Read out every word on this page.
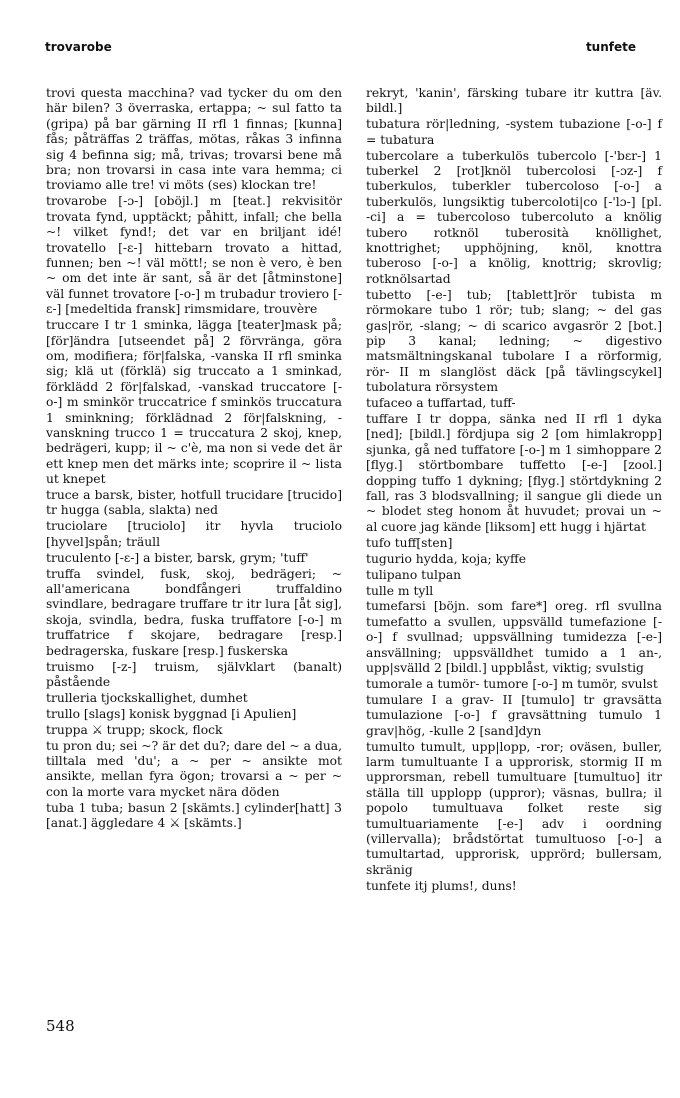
trovarobe	tunfete

trovi questa macchina? vad tycker du om den här bilen? 3 överraska, ertappa; ~ sul fatto ta (gripa) på bar gärning II rfl 1 finnas; [kunna] fås; påträffas 2 träffas, mötas, råkas 3 infinna sig 4 befinna sig; må, trivas; trovarsi bene må bra; non trovarsi in casa inte vara hemma; ci troviamo alle tre! vi möts (ses) klockan tre!

trovarobe [-ɔ-] [oböjl.] m [teat.] rekvisitör trovata fynd, upptäckt; påhitt, infall; che bella ~! vilket fynd!; det var en briljant idé! trovatello [-ɛ-] hittebarn trovato a hittad, funnen; ben ~! väl mött!; se non è vero, è ben ~ om det inte är sant, så är det [åtminstone] väl funnet trovatore [-o-] m trubadur troviero [-ɛ-] [medeltida fransk] rimsmidare, trouvère

truccare I tr 1 sminka, lägga [teater]mask på; [för]ändra [utseendet på] 2 förvränga, göra om, modifiera; för|falska, -vanska II rfl sminka sig; klä ut (förklä) sig truccato a 1 sminkad, förklädd 2 för|falskad, -vanskad truccatore [-o-] m sminkör truccatrice f sminkös truccatura 1 sminkning; förklädnad 2 för|falskning, -vanskning trucco 1 = truccatura 2 skoj, knep, bedrägeri, kupp; il ~ c'è, ma non si vede det är ett knep men det märks inte; scoprire il ~ lista ut knepet

truce a barsk, bister, hotfull trucidare [trucido] tr hugga (sabla, slakta) ned

truciolare [truciolo] itr hyvla truciolo [hyvel]spån; träull

truculento [-ɛ-] a bister, barsk, grym; 'tuff'

truffa svindel, fusk, skoj, bedrägeri; ~ all'americana bondfångeri truffaldino svindlare, bedragare truffare tr itr lura [åt sig], skoja, svindla, bedra, fuska truffatore [-o-] m truffatrice f skojare, bedragare [resp.] bedragerska, fuskare [resp.] fuskerska

truismo [-z-] truism, självklart (banalt) påstående

trulleria tjockskallighet, dumhet

trullo [slags] konisk byggnad [i Apulien]

truppa ⚔ trupp; skock, flock

tu pron du; sei ~? är det du?; dare del ~ a dua, tilltala med 'du'; a ~ per ~ ansikte mot ansikte, mellan fyra ögon; trovarsi a ~ per ~ con la morte vara mycket nära döden

tuba 1 tuba; basun 2 [skämts.] cylinder[hatt] 3 [anat.] äggledare 4 ⚔ [skämts.]

rekryt, 'kanin', färsking tubare itr kuttra [äv. bildl.]

tubatura rör|ledning, -system tubazione [-o-] f = tubatura

tubercolare a tuberkulös tubercolo [-'bɛr-] 1 tuberkel 2 [rot]knöl tubercolosi [-ɔz-] f tuberkulos, tuberkler tubercoloso [-o-] a tuberkulös, lungsiktig tubercoloti|co [-'lɔ-] [pl. -ci] a = tubercoloso tubercoluto a knölig tubero rotknöl tuberosità knöllighet, knottrighet; upphöjning, knöl, knottra tuberoso [-o-] a knölig, knottrig; skrovlig; rotknölsartad

tubetto [-e-] tub; [tablett]rör tubista m rörmokare tubo 1 rör; tub; slang; ~ del gas gas|rör, -slang; ~ di scarico avgasrör 2 [bot.] pip 3 kanal; ledning; ~ digestivo matsmältningskanal tubolare I a rörformig, rör- II m slanglöst däck [på tävlingscykel] tubolatura rörsystem

tufaceo a tuffartad, tuff-

tuffare I tr doppa, sänka ned II rfl 1 dyka [ned]; [bildl.] fördjupa sig 2 [om himlakropp] sjunka, gå ned tuffatore [-o-] m 1 simhoppare 2 [flyg.] störtbombare tuffetto [-e-] [zool.] dopping tuffo 1 dykning; [flyg.] störtdykning 2 fall, ras 3 blodsvallning; il sangue gli diede un ~ blodet steg honom åt huvudet; provai un ~ al cuore jag kände [liksom] ett hugg i hjärtat

tufo tuff[sten]

tugurio hydda, koja; kyffe

tulipano tulpan

tulle m tyll

tumefarsi [böjn. som fare*] oreg. rfl svullna tumefatto a svullen, uppsvälld tumefazione [-o-] f svullnad; uppsvällning tumidezza [-e-] ansvällning; uppsvälldhet tumido a 1 an-, upp|svälld 2 [bildl.] uppblåst, viktig; svulstig

tumorale a tumör- tumore [-o-] m tumör, svulst

tumulare I a grav- II [tumulo] tr gravsätta tumulazione [-o-] f gravsättning tumulo 1 grav|hög, -kulle 2 [sand]dyn

tumulto tumult, upp|lopp, -ror; oväsen, buller, larm tumultuante I a upprorisk, stormig II m upprorsman, rebell tumultuare [tumultuo] itr ställa till upplopp (uppror); väsnas, bullra; il popolo tumultuava folket reste sig tumultuariamente [-e-] adv i oordning (villervalla); brådstörtat tumultuoso [-o-] a tumultartad, upprorisk, upprörd; bullersam, skränig

tunfete itj plums!, duns!

548
